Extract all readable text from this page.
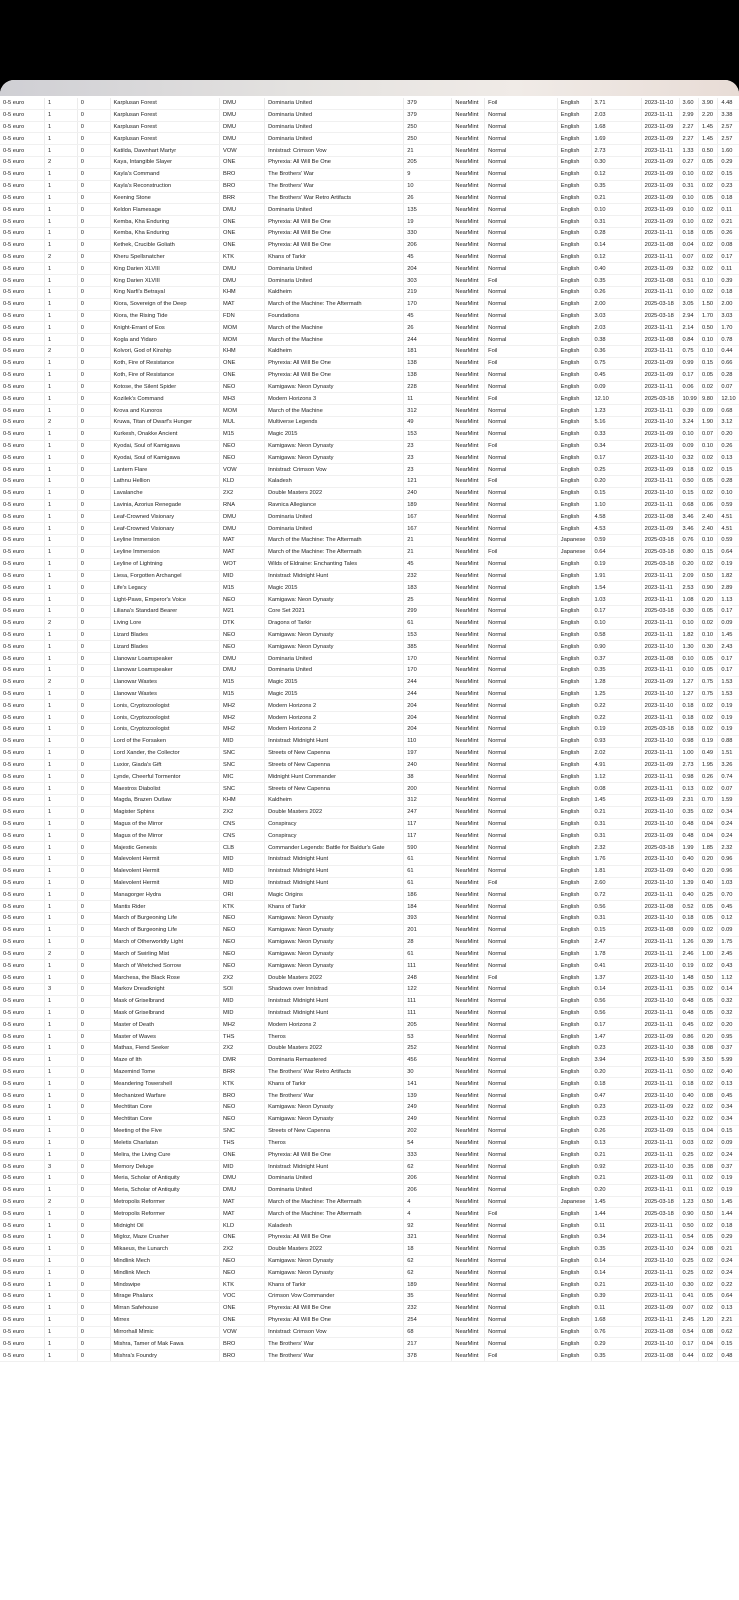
0-5 euro	1	0	Karplusan Forest	DMU	Dominaria United	379	NearMint	Foil	English	3.71	2023-11-10	3.60	3.90	4.48
0-5 euro	1	0	Karplusan Forest	DMU	Dominaria United	379	NearMint	Normal	English	2.03	2023-11-11	2.99	2.20	3.38
0-5 euro	1	0	Karplusan Forest	DMU	Dominaria United	250	NearMint	Normal	English	1.68	2023-11-09	2.27	1.45	2.57
0-5 euro	1	0	Karplusan Forest	DMU	Dominaria United	250	NearMint	Normal	English	1.69	2023-11-09	2.27	1.45	2.57
0-5 euro	1	0	Katilda, Dawnhart Martyr	VOW	Innistrad: Crimson Vow	21	NearMint	Normal	English	2.73	2023-11-11	1.33	0.50	1.60
0-5 euro	2	0	Kaya, Intangible Slayer	ONE	Phyrexia: All Will Be One	205	NearMint	Normal	English	0.30	2023-11-09	0.27	0.05	0.29
0-5 euro	1	0	Kayla's Command	BRO	The Brothers' War	9	NearMint	Normal	English	0.12	2023-11-09	0.10	0.02	0.15
0-5 euro	1	0	Kayla's Reconstruction	BRO	The Brothers' War	10	NearMint	Normal	English	0.35	2023-11-09	0.31	0.02	0.23
0-5 euro	1	0	Keening Stone	BRR	The Brothers' War Retro Artifacts	26	NearMint	Normal	English	0.21	2023-11-09	0.10	0.05	0.18
0-5 euro	1	0	Keldon Flamesage	DMU	Dominaria United	135	NearMint	Normal	English	0.10	2023-11-09	0.10	0.02	0.11
0-5 euro	1	0	Kemba, Kha Enduring	ONE	Phyrexia: All Will Be One	19	NearMint	Normal	English	0.31	2023-11-09	0.10	0.02	0.21
0-5 euro	1	0	Kemba, Kha Enduring	ONE	Phyrexia: All Will Be One	330	NearMint	Normal	English	0.28	2023-11-11	0.18	0.05	0.26
0-5 euro	1	0	Kethek, Crucible Goliath	ONE	Phyrexia: All Will Be One	206	NearMint	Normal	English	0.14	2023-11-08	0.04	0.02	0.08
0-5 euro	2	0	Kheru Spellsnatcher	KTK	Khans of Tarkir	45	NearMint	Normal	English	0.12	2023-11-11	0.07	0.02	0.17
0-5 euro	1	0	King Darien XLVIII	DMU	Dominaria United	204	NearMint	Normal	English	0.40	2023-11-09	0.32	0.02	0.11
0-5 euro	1	0	King Darien XLVIII	DMU	Dominaria United	303	NearMint	Foil	English	0.35	2023-11-08	0.51	0.10	0.39
0-5 euro	1	0	King Narfi's Betrayal	KHM	Kaldheim	219	NearMint	Normal	English	0.26	2023-11-11	0.10	0.02	0.18
0-5 euro	1	0	Kiora, Sovereign of the Deep	MAT	March of the Machine: The Aftermath	170	NearMint	Normal	English	2.00	2025-03-18	3.05	1.50	2.00
0-5 euro	1	0	Kiora, the Rising Tide	FDN	Foundations	45	NearMint	Normal	English	3.03	2025-03-18	2.94	1.70	3.03
0-5 euro	1	0	Knight-Errant of Eos	MOM	March of the Machine	26	NearMint	Normal	English	2.03	2023-11-11	2.14	0.50	1.70
0-5 euro	1	0	Kogla and Yidaro	MOM	March of the Machine	244	NearMint	Normal	English	0.38	2023-11-08	0.84	0.10	0.78
0-5 euro	2	0	Kolvori, God of Kinship	KHM	Kaldheim	181	NearMint	Foil	English	0.36	2023-11-11	0.75	0.10	0.44
0-5 euro	1	0	Koth, Fire of Resistance	ONE	Phyrexia: All Will Be One	138	NearMint	Foil	English	0.75	2023-11-09	0.99	0.15	0.66
0-5 euro	1	0	Koth, Fire of Resistance	ONE	Phyrexia: All Will Be One	138	NearMint	Normal	English	0.45	2023-11-09	0.17	0.05	0.28
0-5 euro	1	0	Kotose, the Silent Spider	NEO	Kamigawa: Neon Dynasty	228	NearMint	Normal	English	0.09	2023-11-11	0.06	0.02	0.07
0-5 euro	1	0	Kozilek's Command	MH3	Modern Horizons 3	11	NearMint	Foil	English	12.10	2025-03-18	10.99	9.80	12.10
0-5 euro	1	0	Krova and Kunoros	MOM	March of the Machine	312	NearMint	Normal	English	1.23	2023-11-11	0.39	0.09	0.68
0-5 euro	2	0	Kruwa, Titan of Dwarf's Hunger	MUL	Multiverse Legends	49	NearMint	Normal	English	5.16	2023-11-10	3.24	1.90	3.12
0-5 euro	1	0	Kurkesh, Onakke Ancient	M15	Magic 2015	153	NearMint	Normal	English	0.33	2023-11-09	0.10	0.07	0.20
0-5 euro	1	0	Kyodai, Soul of Kamigawa	NEO	Kamigawa: Neon Dynasty	23	NearMint	Foil	English	0.34	2023-11-09	0.09	0.10	0.26
0-5 euro	1	0	Kyodai, Soul of Kamigawa	NEO	Kamigawa: Neon Dynasty	23	NearMint	Normal	English	0.17	2023-11-10	0.32	0.02	0.13
0-5 euro	1	0	Lantern Flare	VOW	Innistrad: Crimson Vow	23	NearMint	Normal	English	0.25	2023-11-09	0.18	0.02	0.15
0-5 euro	1	0	Lathnu Hellion	KLD	Kaladesh	121	NearMint	Foil	English	0.20	2023-11-11	0.50	0.05	0.28
0-5 euro	1	0	Lavalanche	2X2	Double Masters 2022	240	NearMint	Normal	English	0.15	2023-11-10	0.15	0.02	0.10
0-5 euro	1	0	Lavinia, Azorius Renegade	RNA	Ravnica Allegiance	189	NearMint	Normal	English	1.10	2023-11-11	0.68	0.06	0.59
0-5 euro	1	0	Leaf-Crowned Visionary	DMU	Dominaria United	167	NearMint	Normal	English	4.58	2023-11-08	3.46	2.40	4.51
0-5 euro	1	0	Leaf-Crowned Visionary	DMU	Dominaria United	167	NearMint	Normal	English	4.53	2023-11-09	3.46	2.40	4.51
0-5 euro	1	0	Leyline Immersion	MAT	March of the Machine: The Aftermath	21	NearMint	Normal	Japanese	0.59	2025-03-18	0.76	0.10	0.59
0-5 euro	1	0	Leyline Immersion	MAT	March of the Machine: The Aftermath	21	NearMint	Foil	Japanese	0.64	2025-03-18	0.80	0.15	0.64
0-5 euro	1	0	Leyline of Lightning	WOT	Wilds of Eldraine: Enchanting Tales	45	NearMint	Normal	English	0.19	2025-03-18	0.20	0.02	0.19
0-5 euro	1	0	Liesa, Forgotten Archangel	MID	Innistrad: Midnight Hunt	232	NearMint	Normal	English	1.91	2023-11-11	2.09	0.50	1.82
0-5 euro	1	0	Life's Legacy	M15	Magic 2015	183	NearMint	Normal	English	1.54	2023-11-11	2.53	0.90	2.89
0-5 euro	1	0	Light-Paws, Emperor's Voice	NEO	Kamigawa: Neon Dynasty	25	NearMint	Normal	English	1.03	2023-11-11	1.08	0.20	1.13
0-5 euro	1	0	Liliana's Standard Bearer	M21	Core Set 2021	299	NearMint	Normal	English	0.17	2025-03-18	0.30	0.05	0.17
0-5 euro	2	0	Living Lore	DTK	Dragons of Tarkir	61	NearMint	Normal	English	0.10	2023-11-11	0.10	0.02	0.09
0-5 euro	1	0	Lizard Blades	NEO	Kamigawa: Neon Dynasty	153	NearMint	Normal	English	0.58	2023-11-11	1.82	0.10	1.45
0-5 euro	1	0	Lizard Blades	NEO	Kamigawa: Neon Dynasty	385	NearMint	Normal	English	0.90	2023-11-10	1.30	0.30	2.43
0-5 euro	1	0	Llanowar Loamspeaker	DMU	Dominaria United	170	NearMint	Normal	English	0.37	2023-11-08	0.10	0.05	0.17
0-5 euro	1	0	Llanowar Loamspeaker	DMU	Dominaria United	170	NearMint	Normal	English	0.35	2023-11-11	0.10	0.05	0.17
0-5 euro	2	0	Llanowar Wastes	M15	Magic 2015	244	NearMint	Normal	English	1.28	2023-11-09	1.27	0.75	1.53
0-5 euro	1	0	Llanowar Wastes	M15	Magic 2015	244	NearMint	Normal	English	1.25	2023-11-10	1.27	0.75	1.53
0-5 euro	1	0	Lonis, Cryptozoologist	MH2	Modern Horizons 2	204	NearMint	Normal	English	0.22	2023-11-10	0.18	0.02	0.19
0-5 euro	1	0	Lonis, Cryptozoologist	MH2	Modern Horizons 2	204	NearMint	Normal	English	0.22	2023-11-11	0.18	0.02	0.19
0-5 euro	1	0	Lonis, Cryptozoologist	MH2	Modern Horizons 2	204	NearMint	Normal	English	0.19	2025-03-18	0.18	0.02	0.19
0-5 euro	1	0	Lord of the Forsaken	MID	Innistrad: Midnight Hunt	110	NearMint	Normal	English	0.93	2023-11-10	0.98	0.19	0.88
0-5 euro	1	0	Lord Xander, the Collector	SNC	Streets of New Capenna	197	NearMint	Normal	English	2.02	2023-11-11	1.00	0.49	1.51
0-5 euro	1	0	Luxior, Giada's Gift	SNC	Streets of New Capenna	240	NearMint	Normal	English	4.91	2023-11-09	2.73	1.95	3.26
0-5 euro	1	0	Lynde, Cheerful Tormentor	MIC	Midnight Hunt Commander	38	NearMint	Normal	English	1.12	2023-11-11	0.98	0.26	0.74
0-5 euro	1	0	Maestros Diabolist	SNC	Streets of New Capenna	200	NearMint	Normal	English	0.08	2023-11-11	0.13	0.02	0.07
0-5 euro	1	0	Magda, Brazen Outlaw	KHM	Kaldheim	312	NearMint	Normal	English	1.45	2023-11-09	2.31	0.70	1.59
0-5 euro	1	0	Magister Sphinx	2X2	Double Masters 2022	247	NearMint	Normal	English	0.21	2023-11-10	0.35	0.02	0.34
0-5 euro	1	0	Magus of the Mirror	CNS	Conspiracy	117	NearMint	Normal	English	0.31	2023-11-10	0.48	0.04	0.24
0-5 euro	1	0	Magus of the Mirror	CNS	Conspiracy	117	NearMint	Normal	English	0.31	2023-11-09	0.48	0.04	0.24
0-5 euro	1	0	Majestic Genesis	CLB	Commander Legends: Battle for Baldur's Gate	590	NearMint	Normal	English	2.32	2025-03-18	1.99	1.85	2.32
0-5 euro	1	0	Malevolent Hermit	MID	Innistrad: Midnight Hunt	61	NearMint	Normal	English	1.76	2023-11-10	0.40	0.20	0.96
0-5 euro	1	0	Malevolent Hermit	MID	Innistrad: Midnight Hunt	61	NearMint	Normal	English	1.81	2023-11-09	0.40	0.20	0.96
0-5 euro	1	0	Malevolent Hermit	MID	Innistrad: Midnight Hunt	61	NearMint	Foil	English	2.60	2023-11-10	1.39	0.40	1.03
0-5 euro	1	0	Managorger Hydra	ORI	Magic Origins	186	NearMint	Normal	English	0.72	2023-11-11	0.40	0.25	0.70
0-5 euro	1	0	Mantis Rider	KTK	Khans of Tarkir	184	NearMint	Normal	English	0.56	2023-11-08	0.52	0.05	0.45
0-5 euro	1	0	March of Burgeoning Life	NEO	Kamigawa: Neon Dynasty	393	NearMint	Normal	English	0.31	2023-11-10	0.18	0.05	0.12
0-5 euro	1	0	March of Burgeoning Life	NEO	Kamigawa: Neon Dynasty	201	NearMint	Normal	English	0.15	2023-11-08	0.09	0.02	0.09
0-5 euro	1	0	March of Otherworldly Light	NEO	Kamigawa: Neon Dynasty	28	NearMint	Normal	English	2.47	2023-11-11	1.26	0.39	1.75
0-5 euro	2	0	March of Swirling Mist	NEO	Kamigawa: Neon Dynasty	61	NearMint	Normal	English	1.78	2023-11-11	2.46	1.00	2.45
0-5 euro	1	0	March of Wretched Sorrow	NEO	Kamigawa: Neon Dynasty	111	NearMint	Normal	English	0.41	2023-11-10	0.19	0.02	0.43
0-5 euro	1	0	Marchesa, the Black Rose	2X2	Double Masters 2022	248	NearMint	Foil	English	1.37	2023-11-10	1.48	0.50	1.12
0-5 euro	3	0	Markov Dreadknight	SOI	Shadows over Innistrad	122	NearMint	Normal	English	0.14	2023-11-11	0.35	0.02	0.14
0-5 euro	1	0	Mask of Griselbrand	MID	Innistrad: Midnight Hunt	111	NearMint	Normal	English	0.56	2023-11-10	0.48	0.05	0.32
0-5 euro	1	0	Mask of Griselbrand	MID	Innistrad: Midnight Hunt	111	NearMint	Normal	English	0.56	2023-11-11	0.48	0.05	0.32
0-5 euro	1	0	Master of Death	MH2	Modern Horizons 2	205	NearMint	Normal	English	0.17	2023-11-11	0.45	0.02	0.20
0-5 euro	1	0	Master of Waves	THS	Theros	53	NearMint	Normal	English	1.47	2023-11-09	0.86	0.20	0.95
0-5 euro	1	0	Mathas, Fiend Seeker	2X2	Double Masters 2022	252	NearMint	Normal	English	0.23	2023-11-10	0.38	0.08	0.37
0-5 euro	1	0	Maze of Ith	DMR	Dominaria Remastered	456	NearMint	Normal	English	3.94	2023-11-10	5.99	3.50	5.99
0-5 euro	1	0	Mazemind Tome	BRR	The Brothers' War Retro Artifacts	30	NearMint	Normal	English	0.20	2023-11-11	0.50	0.02	0.40
0-5 euro	1	0	Meandering Towershell	KTK	Khans of Tarkir	141	NearMint	Normal	English	0.18	2023-11-11	0.18	0.02	0.13
0-5 euro	1	0	Mechanized Warfare	BRO	The Brothers' War	139	NearMint	Normal	English	0.47	2023-11-10	0.40	0.08	0.45
0-5 euro	1	0	Mechtitan Core	NEO	Kamigawa: Neon Dynasty	249	NearMint	Normal	English	0.23	2023-11-09	0.22	0.02	0.34
0-5 euro	1	0	Mechtitan Core	NEO	Kamigawa: Neon Dynasty	249	NearMint	Normal	English	0.23	2023-11-10	0.22	0.02	0.34
0-5 euro	1	0	Meeting of the Five	SNC	Streets of New Capenna	202	NearMint	Normal	English	0.26	2023-11-09	0.15	0.04	0.15
0-5 euro	1	0	Meletis Charlatan	THS	Theros	54	NearMint	Normal	English	0.13	2023-11-11	0.03	0.02	0.09
0-5 euro	1	0	Melira, the Living Cure	ONE	Phyrexia: All Will Be One	333	NearMint	Normal	English	0.21	2023-11-11	0.25	0.02	0.24
0-5 euro	3	0	Memory Deluge	MID	Innistrad: Midnight Hunt	62	NearMint	Normal	English	0.92	2023-11-10	0.35	0.08	0.37
0-5 euro	1	0	Meria, Scholar of Antiquity	DMU	Dominaria United	206	NearMint	Normal	English	0.21	2023-11-09	0.11	0.02	0.19
0-5 euro	1	0	Meria, Scholar of Antiquity	DMU	Dominaria United	206	NearMint	Normal	English	0.20	2023-11-11	0.11	0.02	0.19
0-5 euro	2	0	Metropolis Reformer	MAT	March of the Machine: The Aftermath	4	NearMint	Normal	Japanese	1.45	2025-03-18	1.23	0.50	1.45
0-5 euro	1	0	Metropolis Reformer	MAT	March of the Machine: The Aftermath	4	NearMint	Foil	English	1.44	2025-03-18	0.90	0.50	1.44
0-5 euro	1	0	Midnight Oil	KLD	Kaladesh	92	NearMint	Normal	English	0.11	2023-11-11	0.50	0.02	0.18
0-5 euro	1	0	Migloz, Maze Crusher	ONE	Phyrexia: All Will Be One	321	NearMint	Normal	English	0.34	2023-11-11	0.54	0.05	0.29
0-5 euro	1	0	Mikaeus, the Lunarch	2X2	Double Masters 2022	18	NearMint	Normal	English	0.35	2023-11-10	0.24	0.08	0.21
0-5 euro	1	0	Mindlink Mech	NEO	Kamigawa: Neon Dynasty	62	NearMint	Normal	English	0.14	2023-11-10	0.25	0.02	0.24
0-5 euro	1	0	Mindlink Mech	NEO	Kamigawa: Neon Dynasty	62	NearMint	Normal	English	0.14	2023-11-11	0.25	0.02	0.24
0-5 euro	1	0	Mindswipe	KTK	Khans of Tarkir	189	NearMint	Normal	English	0.21	2023-11-10	0.30	0.02	0.22
0-5 euro	1	0	Mirage Phalanx	VOC	Crimson Vow Commander	35	NearMint	Normal	English	0.39	2023-11-11	0.41	0.05	0.64
0-5 euro	1	0	Mirran Safehouse	ONE	Phyrexia: All Will Be One	232	NearMint	Normal	English	0.11	2023-11-09	0.07	0.02	0.13
0-5 euro	1	0	Mirrex	ONE	Phyrexia: All Will Be One	254	NearMint	Normal	English	1.68	2023-11-11	2.45	1.20	2.21
0-5 euro	1	0	Mirrorhall Mimic	VOW	Innistrad: Crimson Vow	68	NearMint	Normal	English	0.76	2023-11-08	0.54	0.08	0.62
0-5 euro	1	0	Mishra, Tamer of Mak Fawa	BRO	The Brothers' War	217	NearMint	Normal	English	0.29	2023-11-10	0.17	0.04	0.15
0-5 euro	1	0	Mishra's Foundry	BRO	The Brothers' War	378	NearMint	Foil	English	0.35	2023-11-08	0.44	0.02	0.48
